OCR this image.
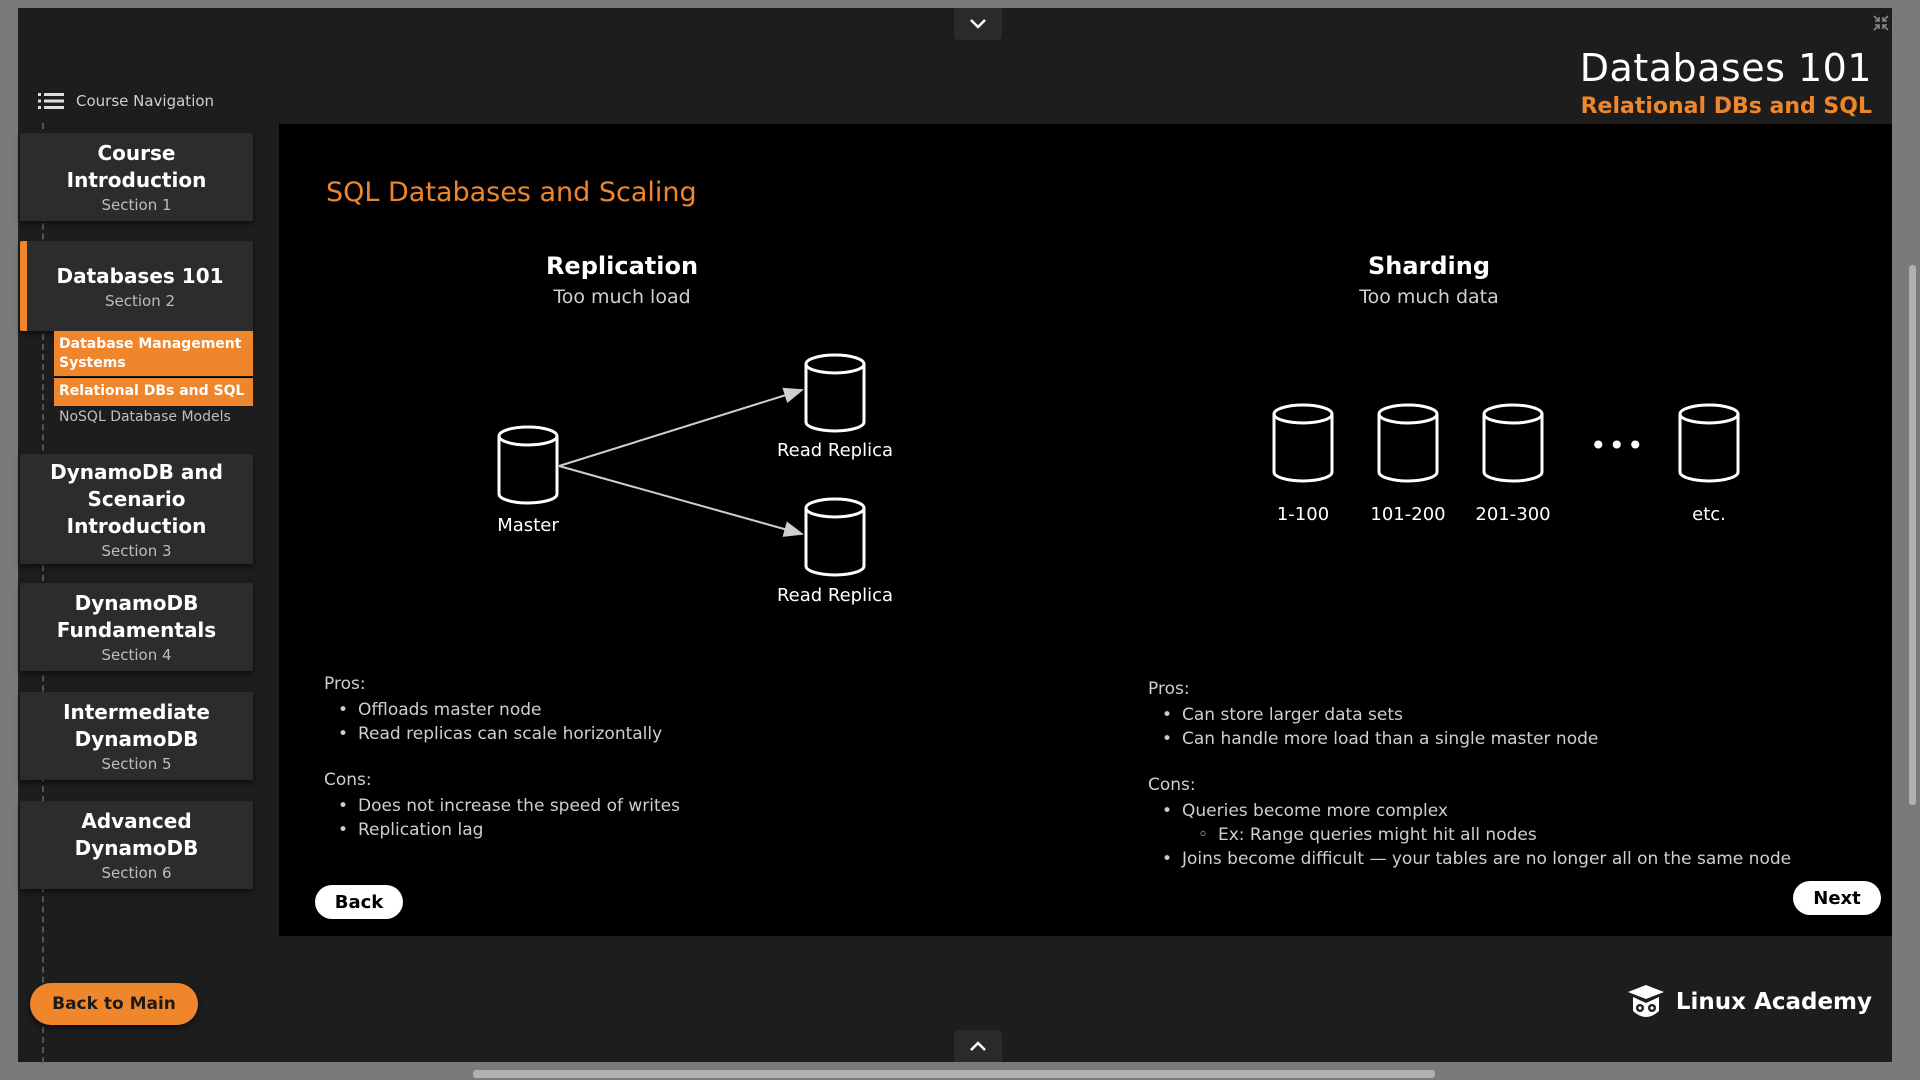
Databases 101
Relational DBs and SQL
Course Navigation
Course Introduction
Section 1
Databases 101
Section 2
Database Management Systems
Relational DBs and SQL
NoSQL Database Models
DynamoDB and Scenario Introduction
Section 3
DynamoDB Fundamentals
Section 4
Intermediate DynamoDB
Section 5
Advanced DynamoDB
Section 6
Back to Main
SQL Databases and Scaling
Replication
Too much load
Master
Read Replica
Read Replica
Pros:
• Offloads master node
• Read replicas can scale horizontally
Cons:
• Does not increase the speed of writes
• Replication lag
Sharding
Too much data
•••
1-100	101-200	201-300	etc.
Pros:
• Can store larger data sets
• Can handle more load than a single master node
Cons:
• Queries become more complex
◦ Ex: Range queries might hit all nodes
• Joins become difficult — your tables are no longer all on the same node
Back	Next
Linux Academy
